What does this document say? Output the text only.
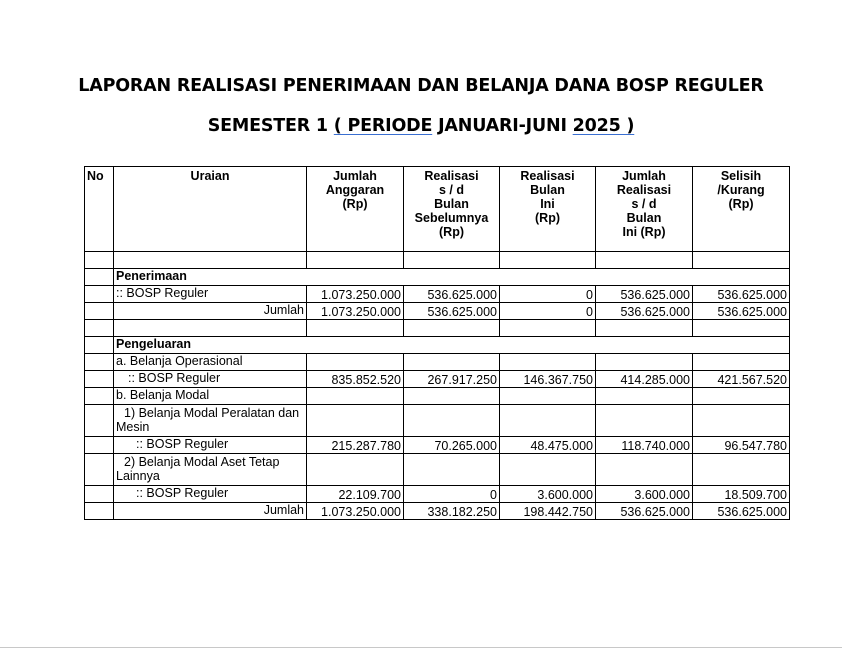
LAPORAN REALISASI PENERIMAAN DAN BELANJA DANA BOSP REGULER
SEMESTER 1 ( PERIODE JANUARI-JUNI 2025 )
No	Uraian	Jumlah
Anggaran
(Rp)	Realisasi
s / d
Bulan
Sebelumnya
(Rp)	Realisasi
Bulan
Ini
(Rp)	Jumlah
Realisasi
s / d
Bulan
Ini (Rp)	Selisih
/Kurang
(Rp)

	Penerimaan					
	:: BOSP Reguler	1.073.250.000	536.625.000	0	536.625.000	536.625.000
	Jumlah	1.073.250.000	536.625.000	0	536.625.000	536.625.000

	Pengeluaran					
	a. Belanja Operasional					
	:: BOSP Reguler	835.852.520	267.917.250	146.367.750	414.285.000	421.567.520
	b. Belanja Modal					
	1) Belanja Modal Peralatan dan Mesin					
	:: BOSP Reguler	215.287.780	70.265.000	48.475.000	118.740.000	96.547.780
	2) Belanja Modal Aset Tetap Lainnya					
	:: BOSP Reguler	22.109.700	0	3.600.000	3.600.000	18.509.700
	Jumlah	1.073.250.000	338.182.250	198.442.750	536.625.000	536.625.000
